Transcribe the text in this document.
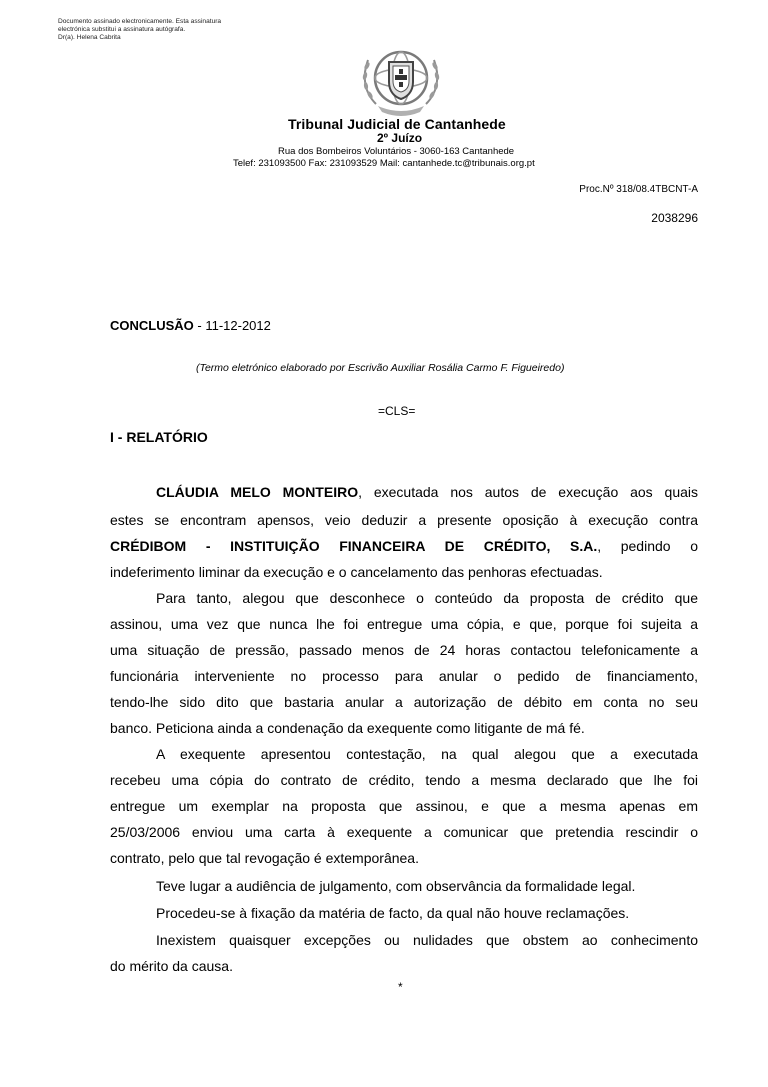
Documento assinado electronicamente. Esta assinatura
electrónica substitui a assinatura autógrafa.
Dr(a). Helena Cabrita
Tribunal Judicial de Cantanhede
2º Juízo
Rua dos Bombeiros Voluntários - 3060-163 Cantanhede
Telef: 231093500 Fax: 231093529 Mail: cantanhede.tc@tribunais.org.pt
Proc.Nº 318/08.4TBCNT-A
2038296
CONCLUSÃO - 11-12-2012
(Termo eletrónico elaborado por Escrivão Auxiliar Rosália Carmo F. Figueiredo)
=CLS=
I - RELATÓRIO
CLÁUDIA MELO MONTEIRO, executada nos autos de execução aos quais
estes se encontram apensos, veio deduzir a presente oposição à execução contra
CRÉDIBOM - INSTITUIÇÃO FINANCEIRA DE CRÉDITO, S.A., pedindo o
indeferimento liminar da execução e o cancelamento das penhoras efectuadas.
Para tanto, alegou que desconhece o conteúdo da proposta de crédito que
assinou, uma vez que nunca lhe foi entregue uma cópia, e que, porque foi sujeita a
uma situação de pressão, passado menos de 24 horas contactou telefonicamente a
funcionária interveniente no processo para anular o pedido de financiamento,
tendo-lhe sido dito que bastaria anular a autorização de débito em conta no seu
banco. Peticiona ainda a condenação da exequente como litigante de má fé.
A exequente apresentou contestação, na qual alegou que a executada
recebeu uma cópia do contrato de crédito, tendo a mesma declarado que lhe foi
entregue um exemplar na proposta que assinou, e que a mesma apenas em
25/03/2006 enviou uma carta à exequente a comunicar que pretendia rescindir o
contrato, pelo que tal revogação é extemporânea.
Teve lugar a audiência de julgamento, com observância da formalidade legal.
Procedeu-se à fixação da matéria de facto, da qual não houve reclamações.
Inexistem quaisquer excepções ou nulidades que obstem ao conhecimento
do mérito da causa.
*
